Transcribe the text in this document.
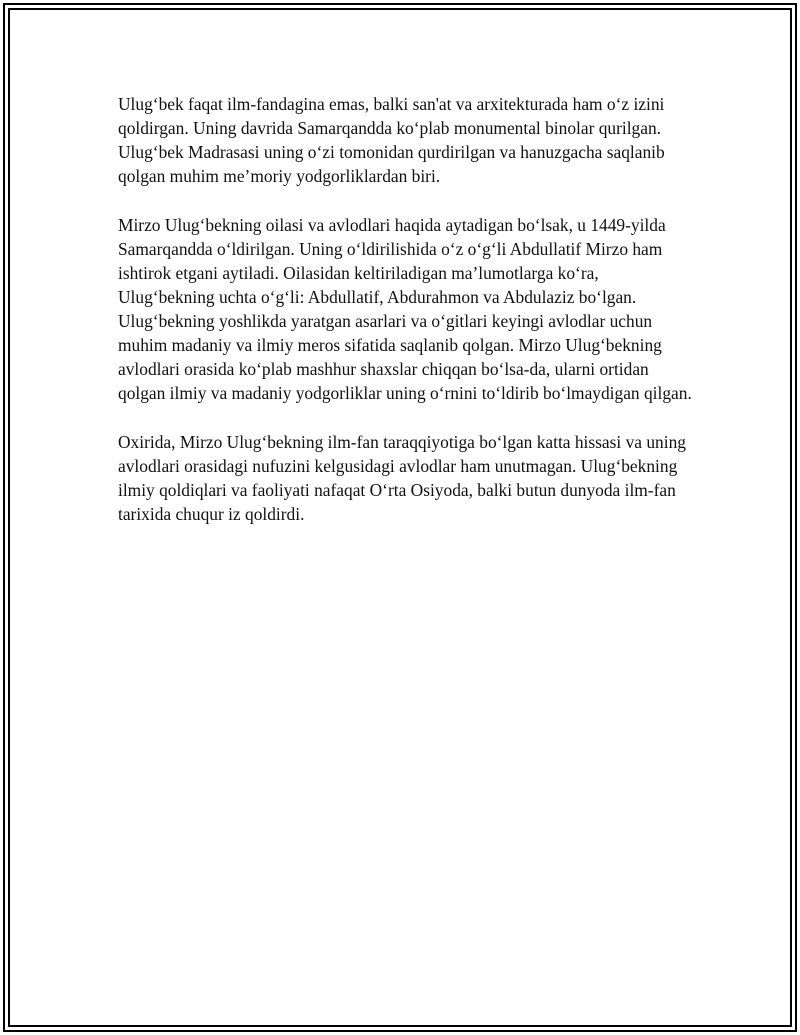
Ulug‘bek faqat ilm-fandagina emas, balki san'at va arxitekturada ham o‘z izini qoldirgan. Uning davrida Samarqandda ko‘plab monumental binolar qurilgan. Ulug‘bek Madrasasi uning o‘zi tomonidan qurdirilgan va hanuzgacha saqlanib qolgan muhim me’moriy yodgorliklardan biri.

Mirzo Ulug‘bekning oilasi va avlodlari haqida aytadigan bo‘lsak, u 1449-yilda Samarqandda o‘ldirilgan. Uning o‘ldirilishida o‘z o‘g‘li Abdullatif Mirzo ham ishtirok etgani aytiladi. Oilasidan keltiriladigan ma’lumotlarga ko‘ra, Ulug‘bekning uchta o‘g‘li: Abdullatif, Abdurahmon va Abdulaziz bo‘lgan. Ulug‘bekning yoshlikda yaratgan asarlari va o‘gitlari keyingi avlodlar uchun muhim madaniy va ilmiy meros sifatida saqlanib qolgan. Mirzo Ulug‘bekning avlodlari orasida ko‘plab mashhur shaxslar chiqqan bo‘lsa-da, ularni ortidan qolgan ilmiy va madaniy yodgorliklar uning o‘rnini to‘ldirib bo‘lmaydigan qilgan.

Oxirida, Mirzo Ulug‘bekning ilm-fan taraqqiyotiga bo‘lgan katta hissasi va uning avlodlari orasidagi nufuzini kelgusidagi avlodlar ham unutmagan. Ulug‘bekning ilmiy qoldiqlari va faoliyati nafaqat O‘rta Osiyoda, balki butun dunyoda ilm-fan tarixida chuqur iz qoldirdi.
